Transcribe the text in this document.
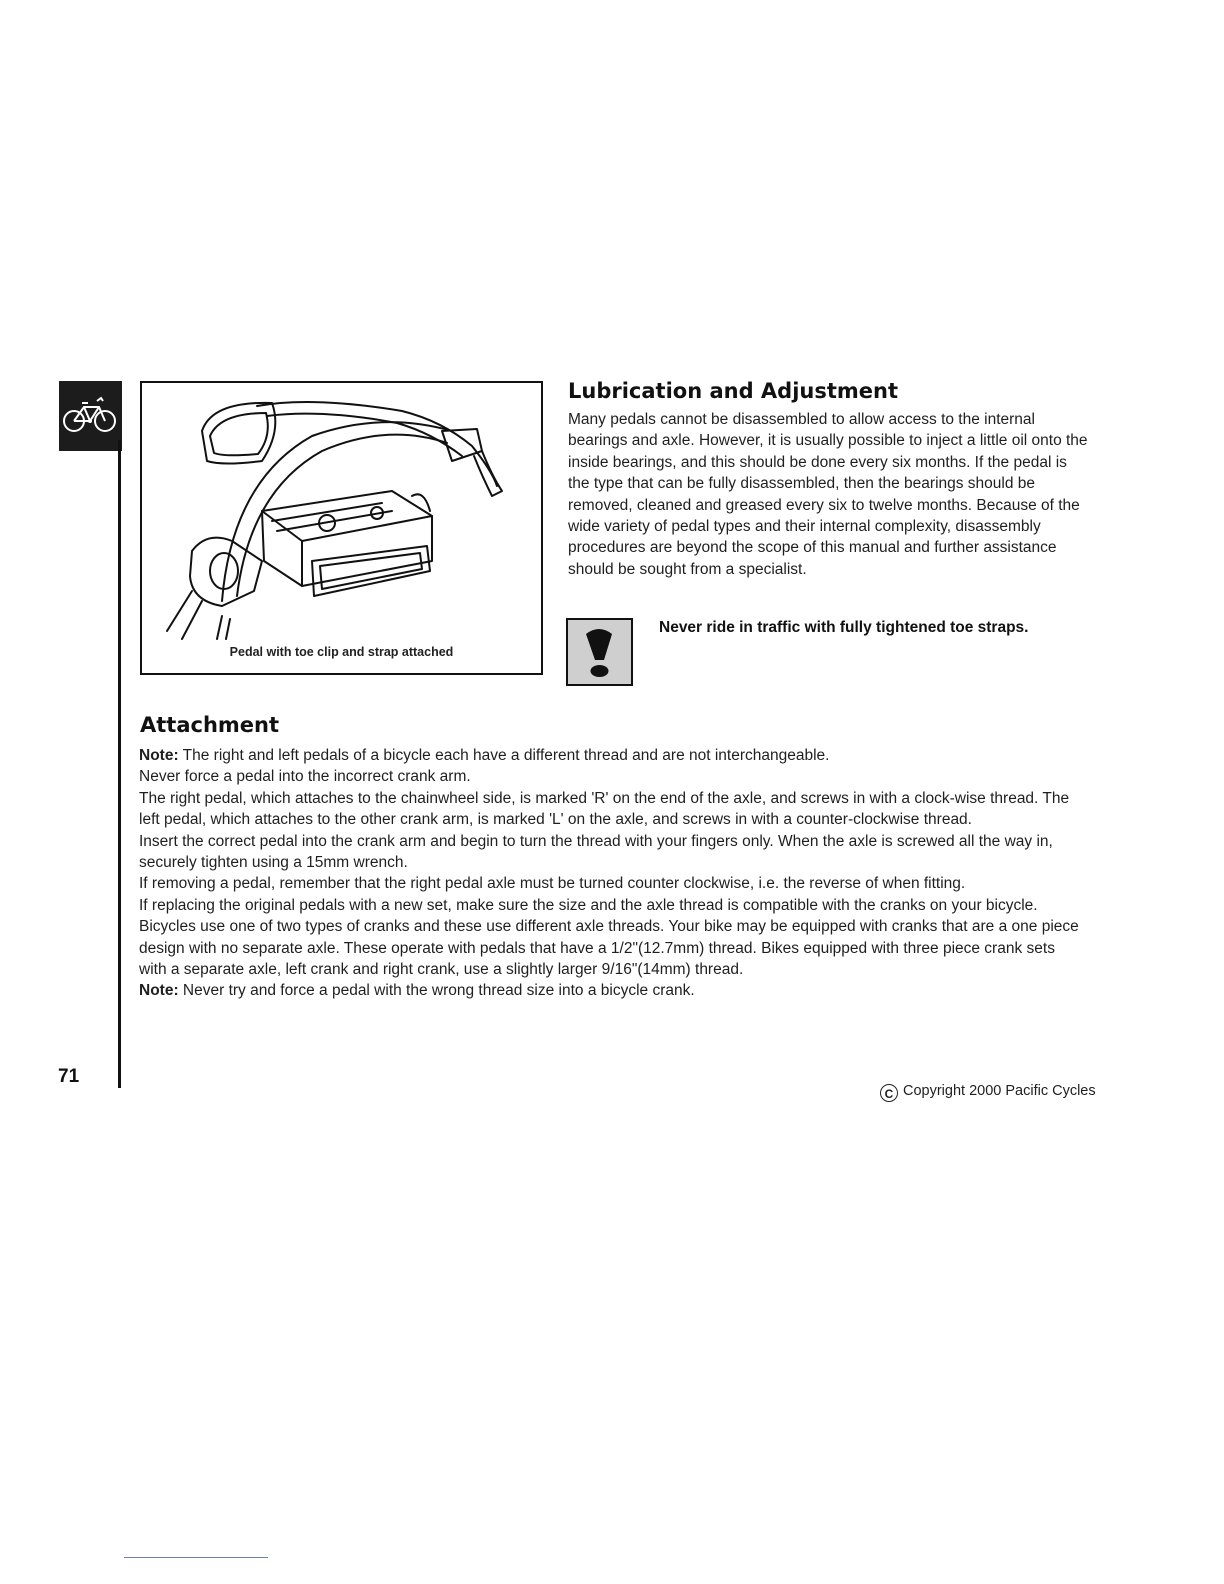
Pedal with toe clip and strap attached
Lubrication and Adjustment

Many pedals cannot be disassembled to allow access to the internal bearings and axle. However, it is usually possible to inject a little oil onto the inside bearings, and this should be done every six months. If the pedal is the type that can be fully disassembled, then the bearings should be removed, cleaned and greased every six to twelve months. Because of the wide variety of pedal types and their internal complexity, disassembly procedures are beyond the scope of this manual and further assistance should be sought from a specialist.

Never ride in traffic with fully tightened toe straps.
Attachment

Note: The right and left pedals of a bicycle each have a different thread and are not interchangeable.

Never force a pedal into the incorrect crank arm.

The right pedal, which attaches to the chainwheel side, is marked 'R' on the end of the axle, and screws in with a clock-wise thread. The left pedal, which attaches to the other crank arm, is marked 'L' on the axle, and screws in with a counter-clockwise thread.

Insert the correct pedal into the crank arm and begin to turn the thread with your fingers only. When the axle is screwed all the way in, securely tighten using a 15mm wrench.

If removing a pedal, remember that the right pedal axle must be turned counter clockwise, i.e. the reverse of when fitting.

If replacing the original pedals with a new set, make sure the size and the axle thread is compatible with the cranks on your bicycle. Bicycles use one of two types of cranks and these use different axle threads. Your bike may be equipped with cranks that are a one piece design with no separate axle. These operate with pedals that have a 1/2"(12.7mm) thread. Bikes equipped with three piece crank sets with a separate axle, left crank and right crank, use a slightly larger 9/16"(14mm) thread.

Note: Never try and force a pedal with the wrong thread size into a bicycle crank.

71
C Copyright 2000 Pacific Cycles
